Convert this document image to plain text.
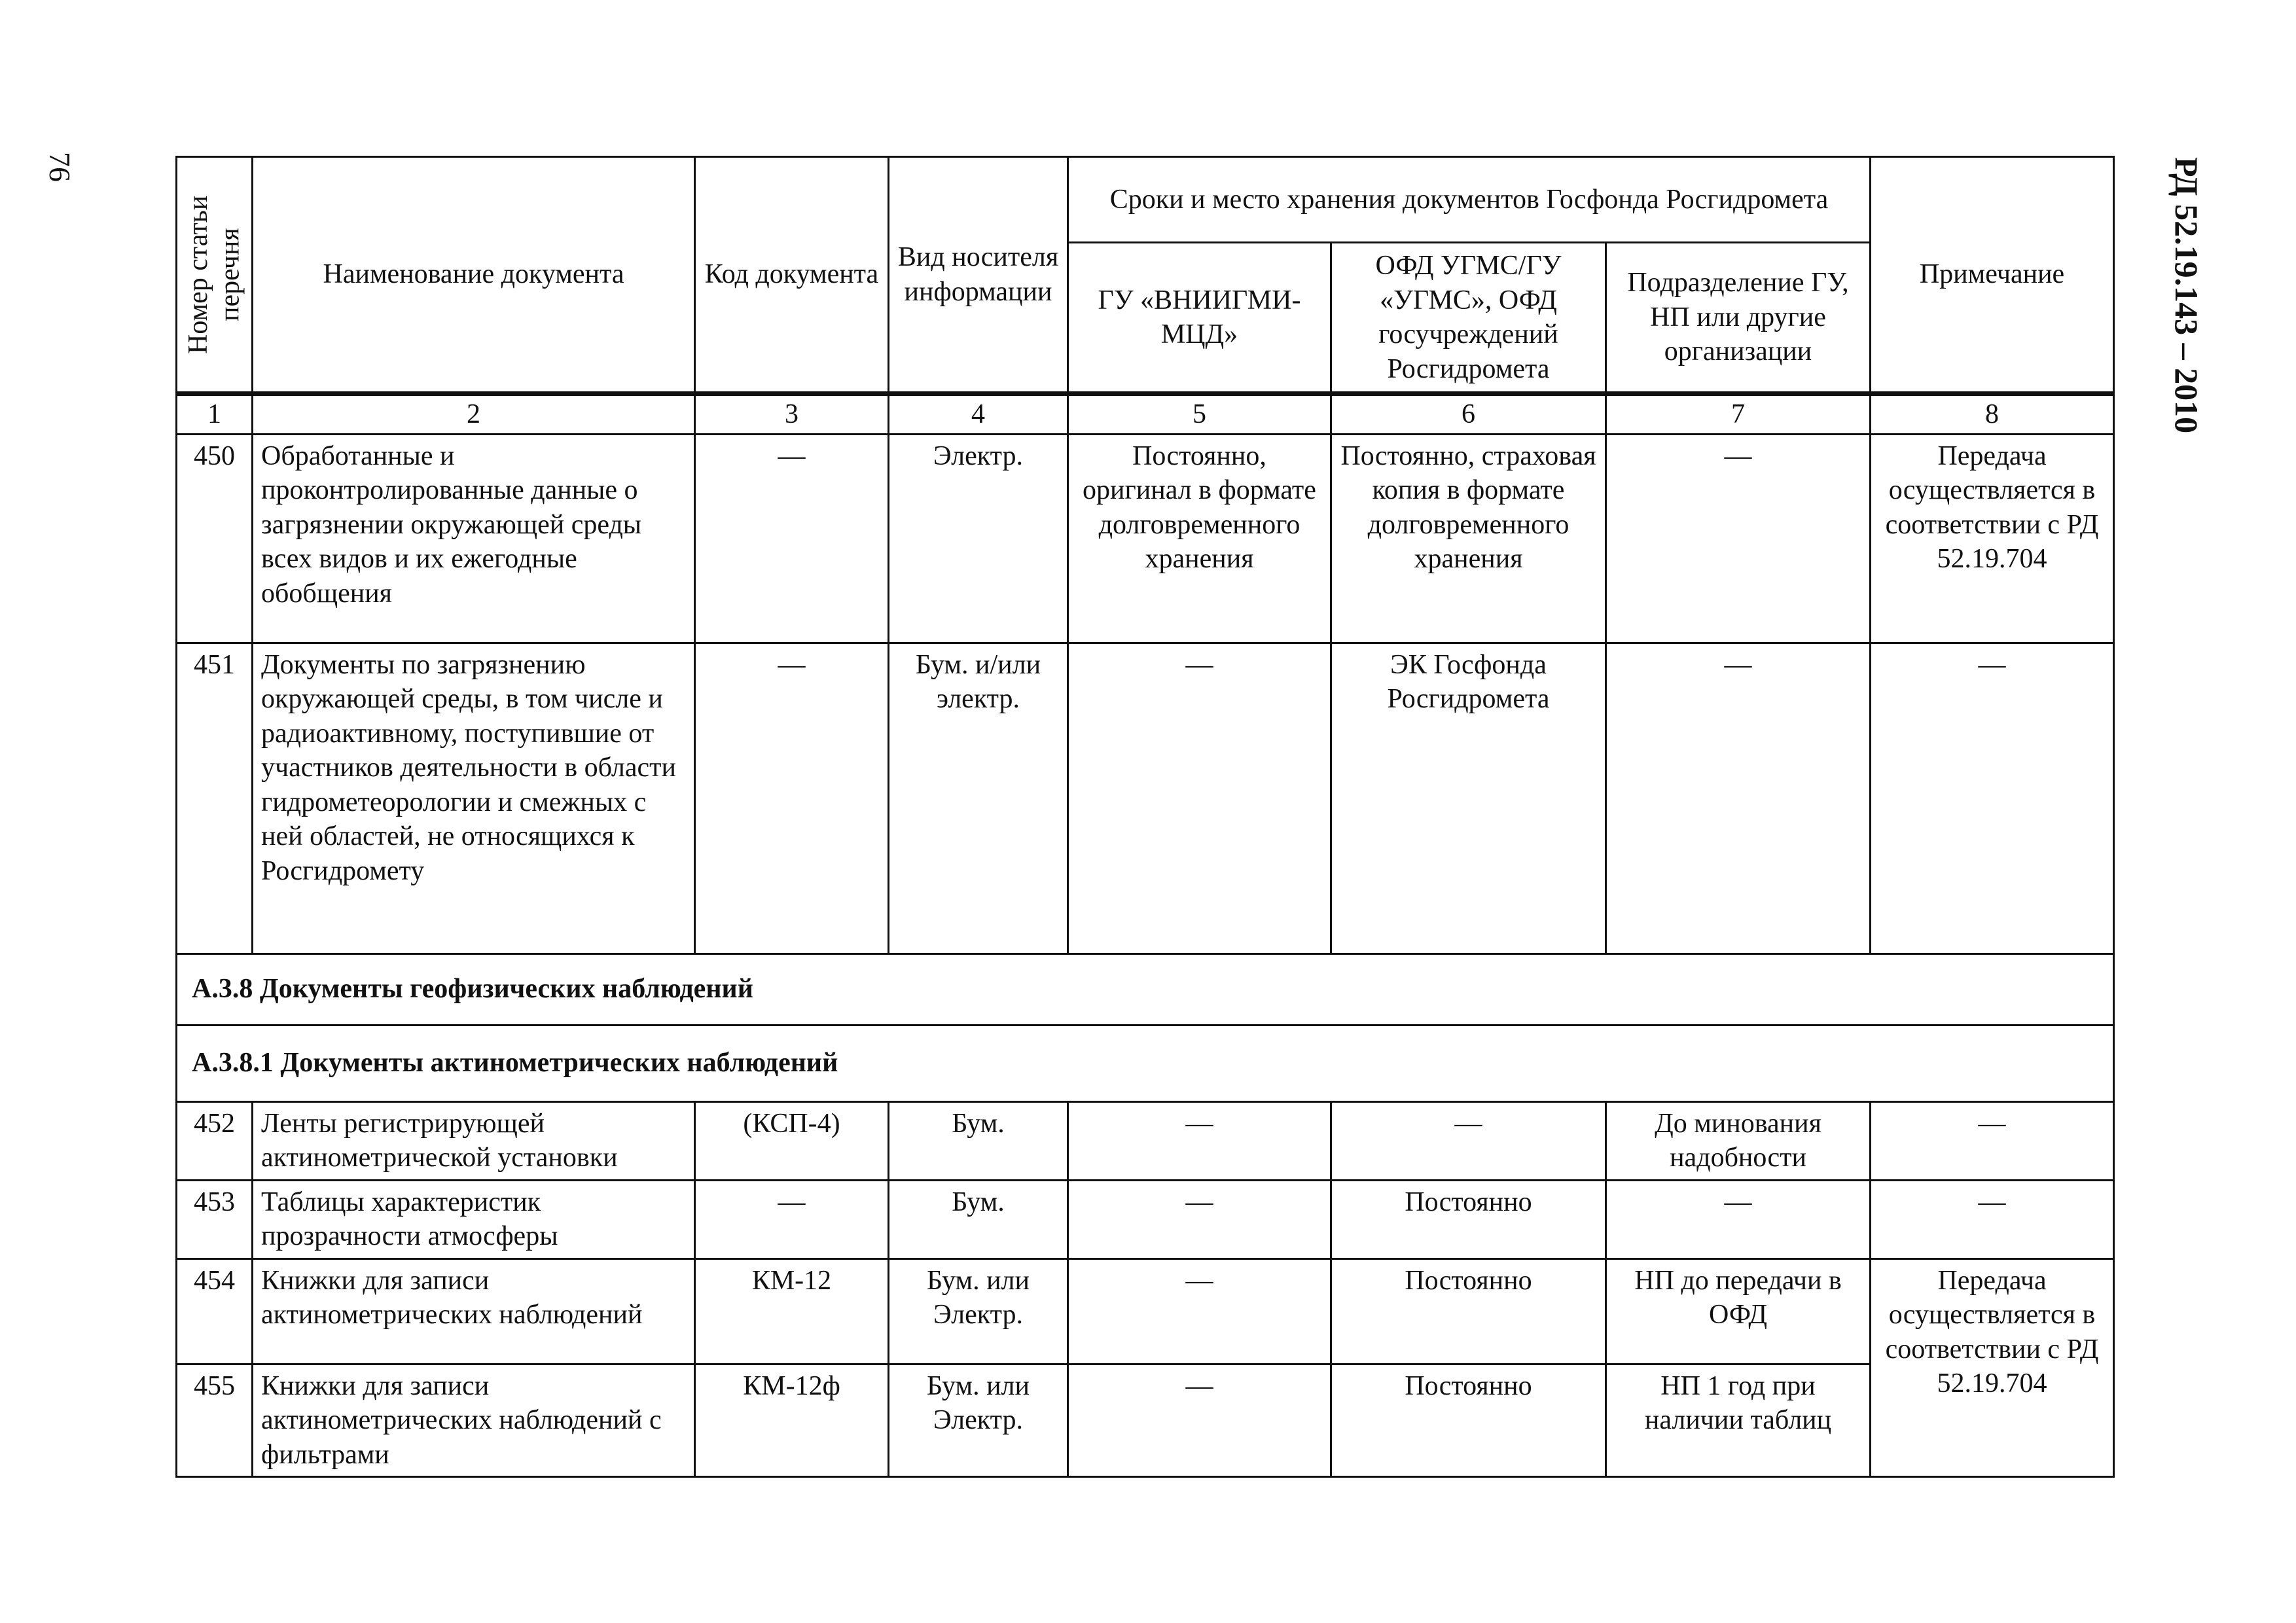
76	РД 52.19.143 – 2010
Номер статьи перечня	Наименование документа	Код документа	Вид носителя информации	Сроки и место хранения документов Госфонда Росгидромета			Примечание
				ГУ «ВНИИГМИ-МЦД»	ОФД УГМС/ГУ «УГМС», ОФД госучреждений Росгидромета	Подразделение ГУ, НП или другие организации	
1	2	3	4	5	6	7	8
450	Обработанные и проконтролированные данные о загрязнении окружающей среды всех видов и их ежегодные обобщения	—	Электр.	Постоянно, оригинал в формате долговременного хранения	Постоянно, страховая копия в формате долговременного хранения	—	Передача осуществляется в соответствии с РД 52.19.704
451	Документы по загрязнению окружающей среды, в том числе и радиоактивному, поступившие от участников деятельности в области гидрометеорологии и смежных с ней областей, не относящихся к Росгидромету	—	Бум. и/или электр.	—	ЭК Госфонда Росгидромета	—	—
А.3.8 Документы геофизических наблюдений							
А.3.8.1 Документы актинометрических наблюдений							
452	Ленты регистрирующей актинометрической установки	(КСП-4)	Бум.	—	—	До минования надобности	—
453	Таблицы характеристик прозрачности атмосферы	—	Бум.	—	Постоянно	—	—
454	Книжки для записи актинометрических наблюдений	КМ-12	Бум. или Электр.	—	Постоянно	НП до передачи в ОФД	Передача осуществляется в соответствии с РД 52.19.704
455	Книжки для записи актинометрических наблюдений с фильтрами	КМ-12ф	Бум. или Электр.	—	Постоянно	НП 1 год при наличии таблиц	
